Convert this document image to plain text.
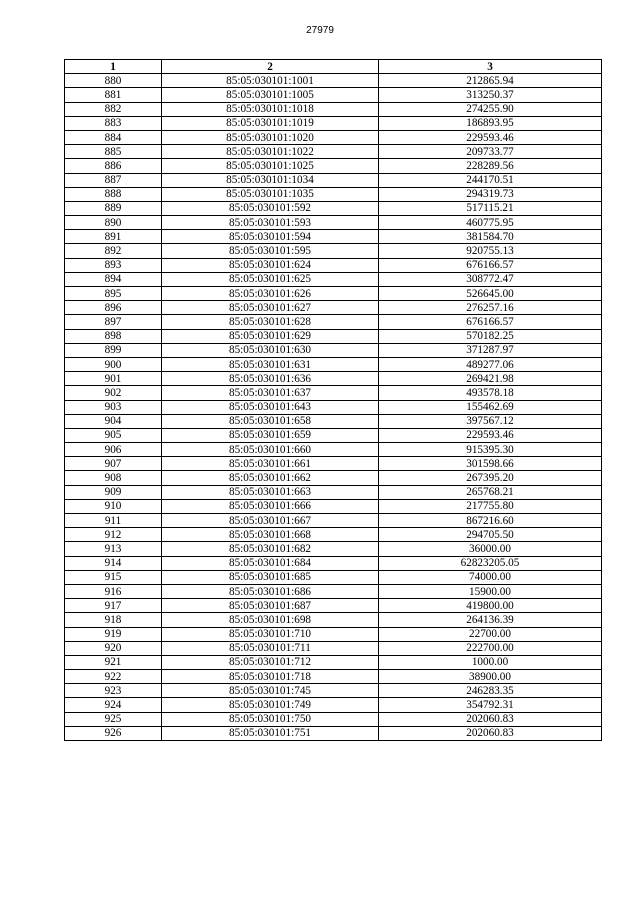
27979
1	2	3
880	85:05:030101:1001	212865.94
881	85:05:030101:1005	313250.37
882	85:05:030101:1018	274255.90
883	85:05:030101:1019	186893.95
884	85:05:030101:1020	229593.46
885	85:05:030101:1022	209733.77
886	85:05:030101:1025	228289.56
887	85:05:030101:1034	244170.51
888	85:05:030101:1035	294319.73
889	85:05:030101:592	517115.21
890	85:05:030101:593	460775.95
891	85:05:030101:594	381584.70
892	85:05:030101:595	920755.13
893	85:05:030101:624	676166.57
894	85:05:030101:625	308772.47
895	85:05:030101:626	526645.00
896	85:05:030101:627	276257.16
897	85:05:030101:628	676166.57
898	85:05:030101:629	570182.25
899	85:05:030101:630	371287.97
900	85:05:030101:631	489277.06
901	85:05:030101:636	269421.98
902	85:05:030101:637	493578.18
903	85:05:030101:643	155462.69
904	85:05:030101:658	397567.12
905	85:05:030101:659	229593.46
906	85:05:030101:660	915395.30
907	85:05:030101:661	301598.66
908	85:05:030101:662	267395.20
909	85:05:030101:663	265768.21
910	85:05:030101:666	217755.80
911	85:05:030101:667	867216.60
912	85:05:030101:668	294705.50
913	85:05:030101:682	36000.00
914	85:05:030101:684	62823205.05
915	85:05:030101:685	74000.00
916	85:05:030101:686	15900.00
917	85:05:030101:687	419800.00
918	85:05:030101:698	264136.39
919	85:05:030101:710	22700.00
920	85:05:030101:711	222700.00
921	85:05:030101:712	1000.00
922	85:05:030101:718	38900.00
923	85:05:030101:745	246283.35
924	85:05:030101:749	354792.31
925	85:05:030101:750	202060.83
926	85:05:030101:751	202060.83
